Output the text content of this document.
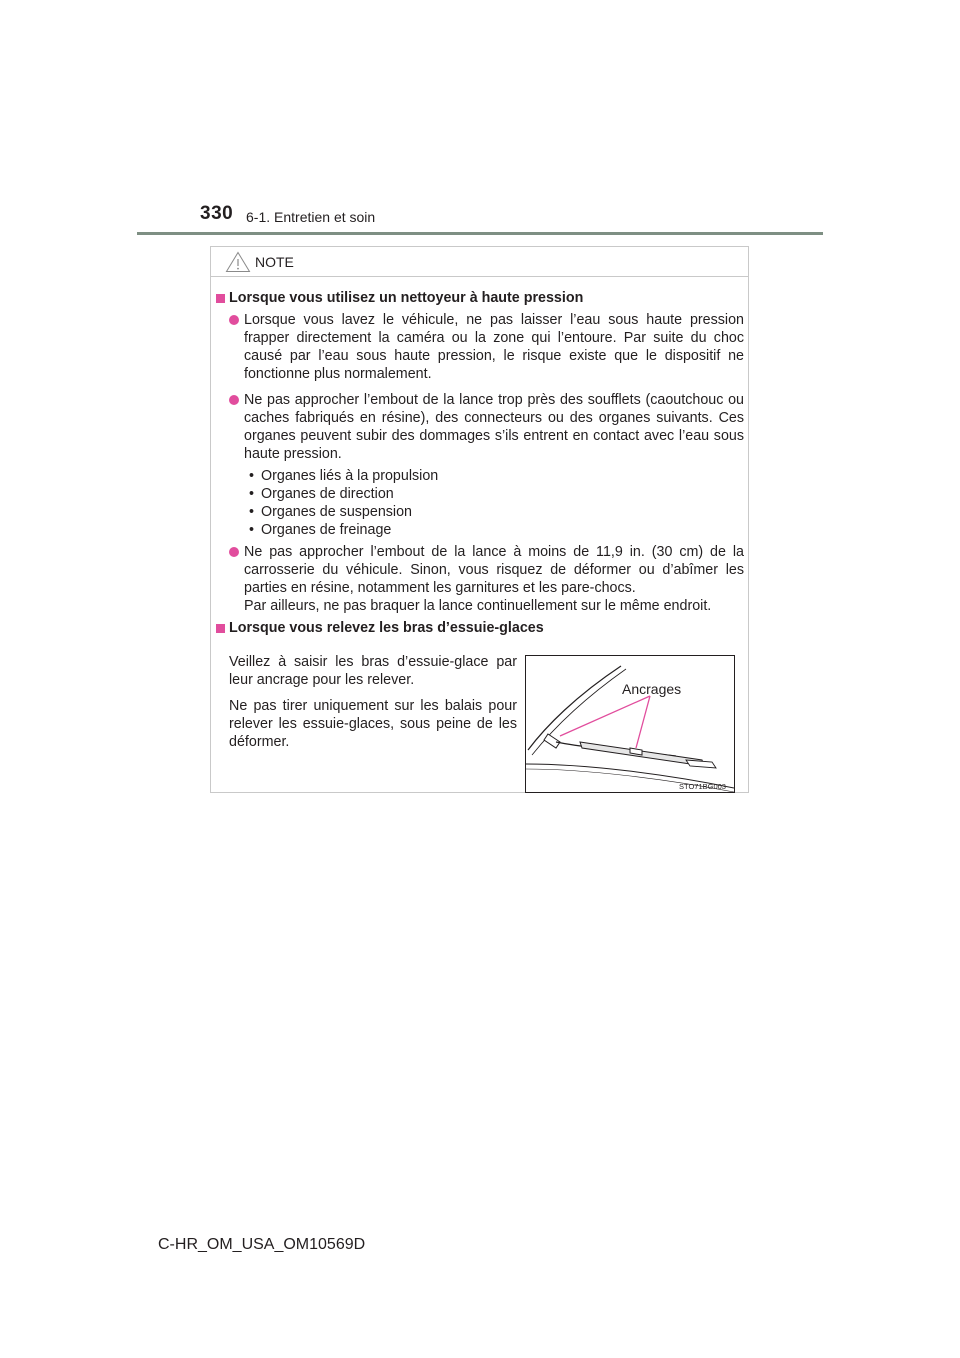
330 6-1. Entretien et soin
NOTE
Lorsque vous utilisez un nettoyeur à haute pression
Lorsque vous lavez le véhicule, ne pas laisser l’eau sous haute pression frapper directement la caméra ou la zone qui l’entoure. Par suite du choc causé par l’eau sous haute pression, le risque existe que le dispositif ne fonctionne plus normalement.
Ne pas approcher l’embout de la lance trop près des soufflets (caoutchouc ou caches fabriqués en résine), des connecteurs ou des organes suivants. Ces organes peuvent subir des dommages s’ils entrent en contact avec l’eau sous haute pression.
• Organes liés à la propulsion
• Organes de direction
• Organes de suspension
• Organes de freinage
Ne pas approcher l’embout de la lance à moins de 11,9 in. (30 cm) de la carrosserie du véhicule. Sinon, vous risquez de déformer ou d’abîmer les parties en résine, notamment les garnitures et les pare-chocs.
Par ailleurs, ne pas braquer la lance continuellement sur le même endroit.
Lorsque vous relevez les bras d’essuie-glaces

Veillez à saisir les bras d’essuie-glace par leur ancrage pour les relever.

Ne pas tirer uniquement sur les balais pour relever les essuie-glaces, sous peine de les déformer.

Ancrages
STO71BG003
C-HR_OM_USA_OM10569D
